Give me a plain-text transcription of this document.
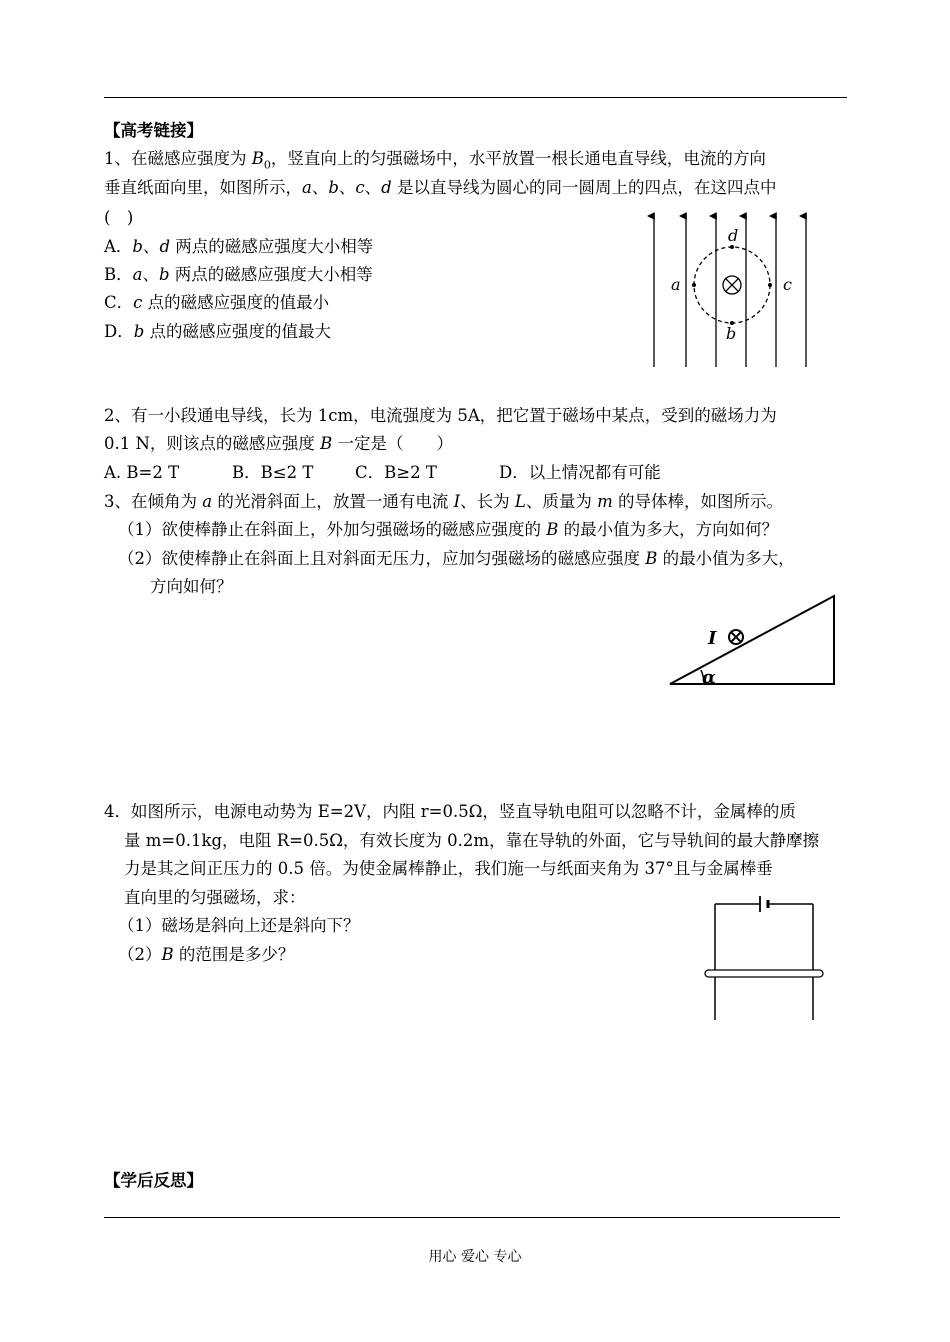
【高考链接】
1、在磁感应强度为 $B_0$，竖直向上的匀强磁场中，水平放置一根长通电直导线，电流的方向
垂直纸面向里，如图所示，a、b、c、d 是以直导线为圆心的同一圆周上的四点，在这四点中
(　)
A．b、d 两点的磁感应强度大小相等
B．a、b 两点的磁感应强度大小相等
C．c 点的磁感应强度的值最小
D．b 点的磁感应强度的值最大
a	c
d
b
2、有一小段通电导线，长为 1cm，电流强度为 5A，把它置于磁场中某点，受到的磁场力为
0.1 N，则该点的磁感应强度 B 一定是（　　）
A. B=2 T	B．B≤2 T	C．B≥2 T	D．以上情况都有可能
3、在倾角为 a 的光滑斜面上，放置一通有电流 I、长为 L、质量为 m 的导体棒，如图所示。
（1）欲使棒静止在斜面上，外加匀强磁场的磁感应强度的 B 的最小值为多大，方向如何？
（2）欲使棒静止在斜面上且对斜面无压力，应加匀强磁场的磁感应强度 B 的最小值为多大，
方向如何？
α
I
4．如图所示，电源电动势为 E=2V，内阻 r=0.5Ω，竖直导轨电阻可以忽略不计，金属棒的质
量 m=0.1kg，电阻 R=0.5Ω，有效长度为 0.2m，靠在导轨的外面，它与导轨间的最大静摩擦
力是其之间正压力的 0.5 倍。为使金属棒静止，我们施一与纸面夹角为 37°且与金属棒垂
直向里的匀强磁场，求：
（1）磁场是斜向上还是斜向下？
（2）B 的范围是多少？
【学后反思】
用心 爱心 专心
